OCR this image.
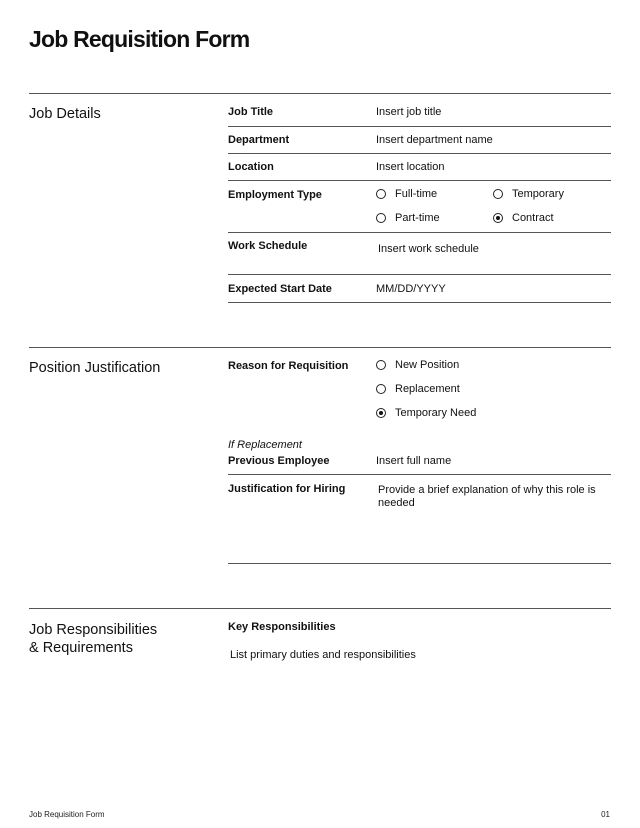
Job Requisition Form
Job Details	Job Title	Insert job title
Department	Insert department name
Location	Insert location
Employment Type	Full-time	Temporary
Part-time	Contract
Work Schedule	Insert work schedule
Expected Start Date	MM/DD/YYYY
Position Justification	Reason for Requisition	New Position
Replacement
Temporary Need
If Replacement
Previous Employee	Insert full name
Justification for Hiring	Provide a brief explanation of why this role is needed
Job Responsibilities
& Requirements
Key Responsibilities
List primary duties and responsibilities
Job Requisition Form	01
